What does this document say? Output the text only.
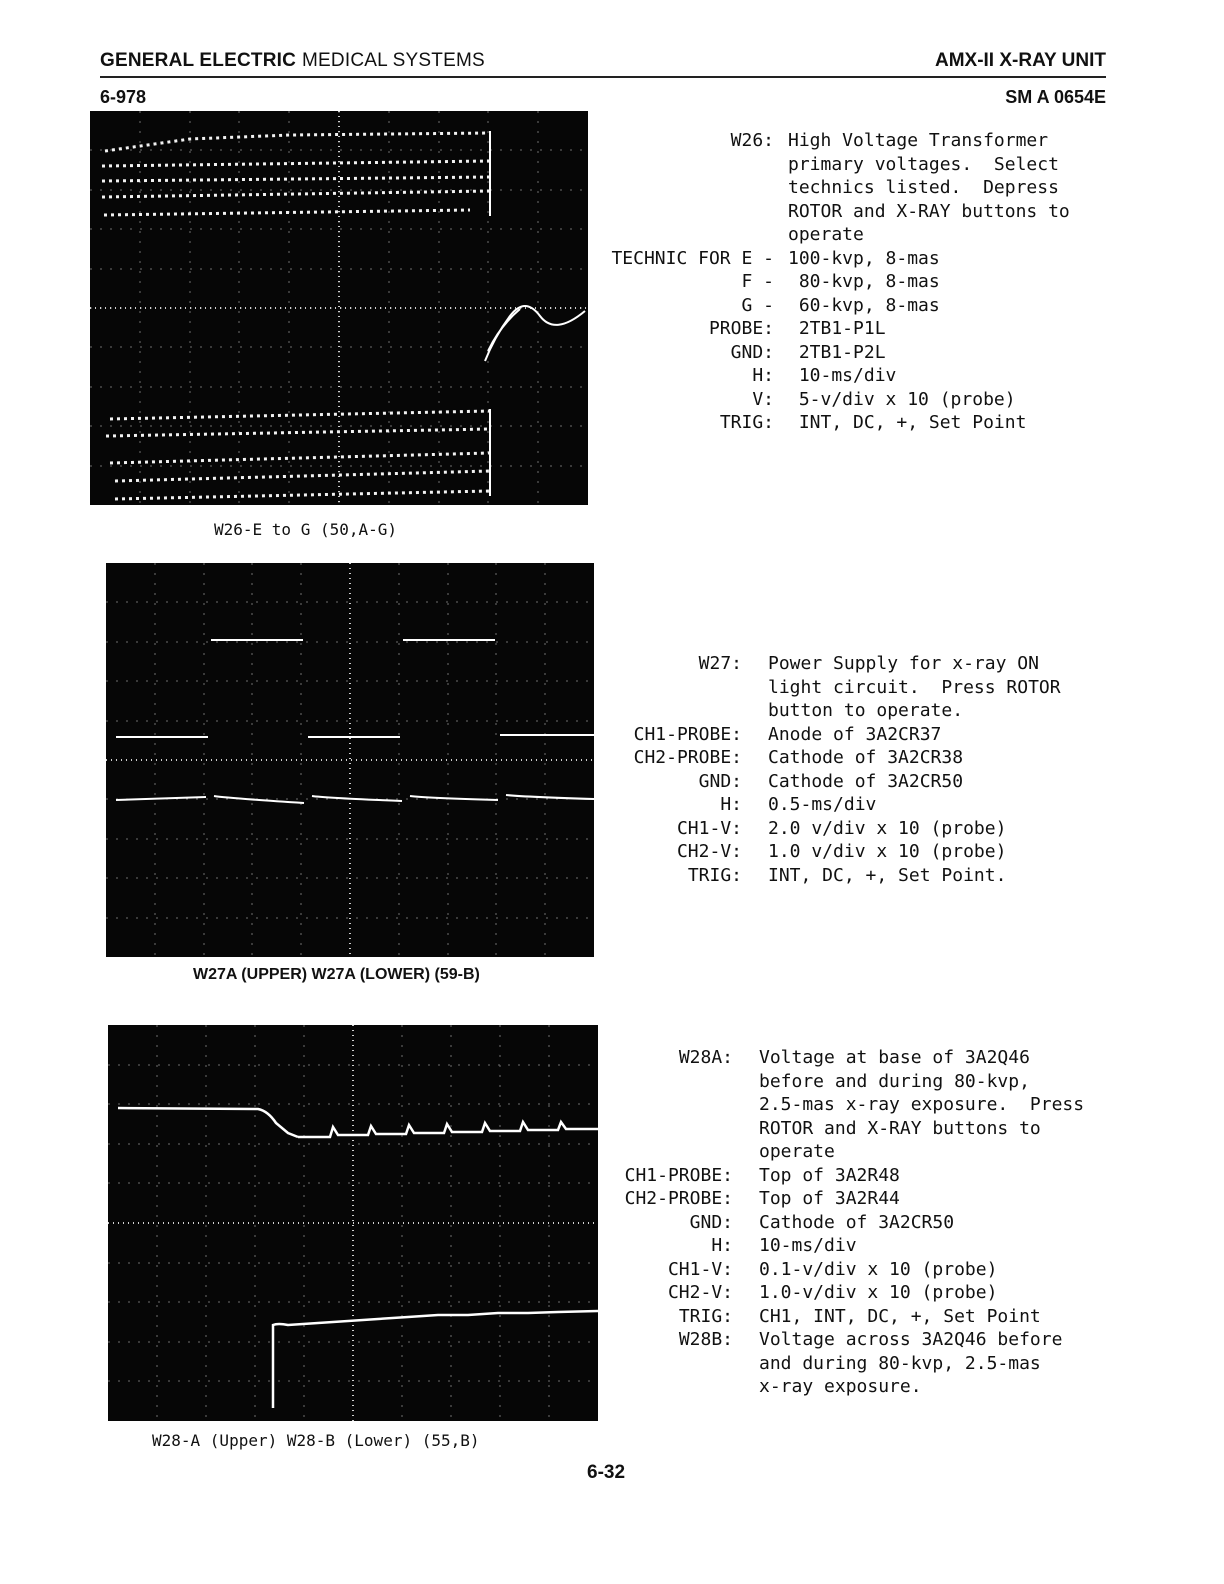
GENERAL ELECTRIC MEDICAL SYSTEMS	AMX-II X-RAY UNIT
6-978	SM A 0654E
W26-E to G (50,A-G)
W26: High Voltage Transformer
primary voltages.  Select
technics listed.  Depress
ROTOR and X-RAY buttons to
operate
TECHNIC FOR E - 100-kvp, 8-mas
F - 80-kvp, 8-mas
G - 60-kvp, 8-mas
PROBE: 2TB1-P1L
GND: 2TB1-P2L
H: 10-ms/div
V: 5-v/div x 10 (probe)
TRIG: INT, DC, +, Set Point
W27A (UPPER) W27A (LOWER) (59-B)
W27: Power Supply for x-ray ON
light circuit.  Press ROTOR
button to operate.
CH1-PROBE: Anode of 3A2CR37
CH2-PROBE: Cathode of 3A2CR38
GND: Cathode of 3A2CR50
H: 0.5-ms/div
CH1-V: 2.0 v/div x 10 (probe)
CH2-V: 1.0 v/div x 10 (probe)
TRIG: INT, DC, +, Set Point.
W28-A (Upper) W28-B (Lower) (55,B)
W28A: Voltage at base of 3A2Q46
before and during 80-kvp,
2.5-mas x-ray exposure.  Press
ROTOR and X-RAY buttons to
operate
CH1-PROBE: Top of 3A2R48
CH2-PROBE: Top of 3A2R44
GND: Cathode of 3A2CR50
H: 10-ms/div
CH1-V: 0.1-v/div x 10 (probe)
CH2-V: 1.0-v/div x 10 (probe)
TRIG: CH1, INT, DC, +, Set Point
W28B: Voltage across 3A2Q46 before
and during 80-kvp, 2.5-mas
x-ray exposure.
6-32
